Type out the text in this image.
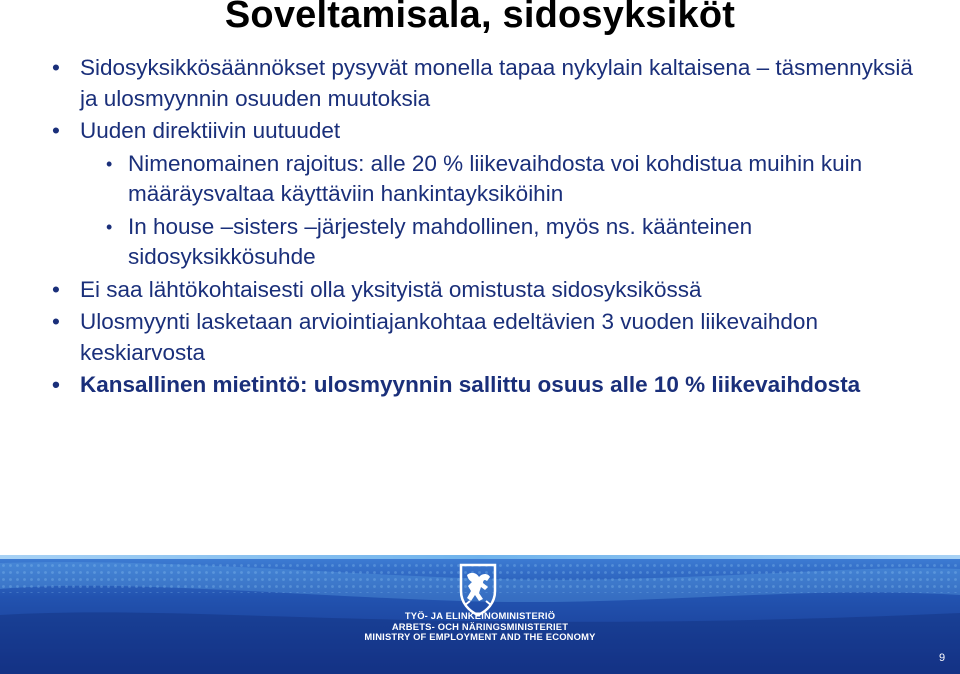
Soveltamisala, sidosyksiköt
• Sidosyksikkösäännökset pysyvät monella tapaa nykylain kaltaisena – täsmennyksiä ja ulosmyynnin osuuden muutoksia
• Uuden direktiivin uutuudet
• Nimenomainen rajoitus: alle 20 % liikevaihdosta voi kohdistua muihin kuin määräysvaltaa käyttäviin hankintayksiköihin
• In house –sisters –järjestely mahdollinen, myös ns. käänteinen sidosyksikkösuhde
• Ei saa lähtökohtaisesti olla yksityistä omistusta sidosyksikössä
• Ulosmyynti lasketaan arviointiajankohtaa edeltävien 3 vuoden liikevaihdon keskiarvosta
• Kansallinen mietintö: ulosmyynnin sallittu osuus alle 10 % liikevaihdosta
TYÖ- JA ELINKEINOMINISTERIÖ
ARBETS- OCH NÄRINGSMINISTERIET
MINISTRY OF EMPLOYMENT AND THE ECONOMY
9
